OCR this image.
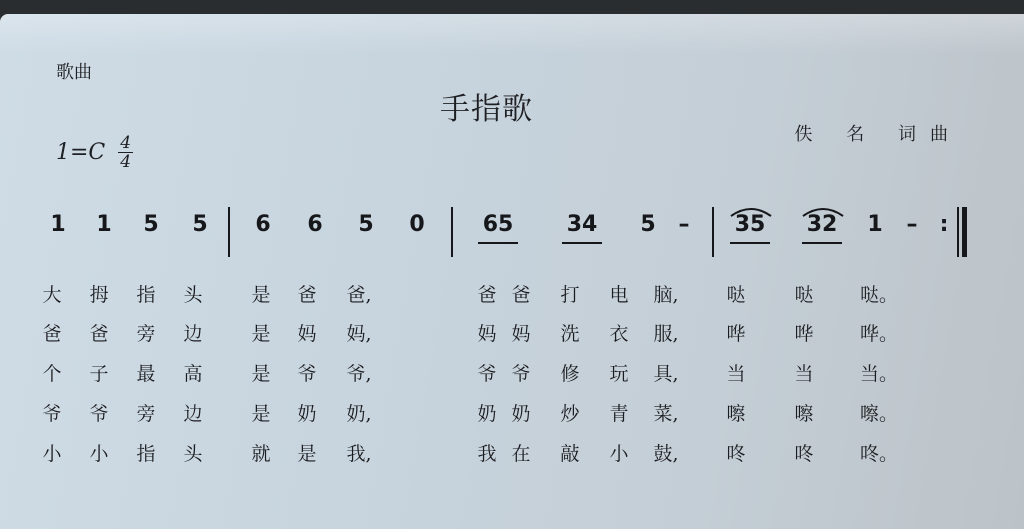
歌曲
手指歌
佚 名 词曲
$1=C \frac{4}{4}$
1 1 5 5 6 6 5 0	65	34	5 –	35	32	1 – :
大 拇 指 头	是 爸 爸,	爸 爸 打 电 脑,	哒	哒 哒。
爸 爸 旁 边	是 妈 妈,	妈 妈 洗 衣 服,	哗	哗 哗。
个 子 最 高	是 爷 爷,	爷 爷 修 玩 具,	当	当 当。
爷 爷 旁 边	是 奶 奶,	奶 奶 炒 青 菜,	嚓	嚓 嚓。
小 小 指 头	就 是 我,	我 在 敲 小 鼓,	咚	咚 咚。
